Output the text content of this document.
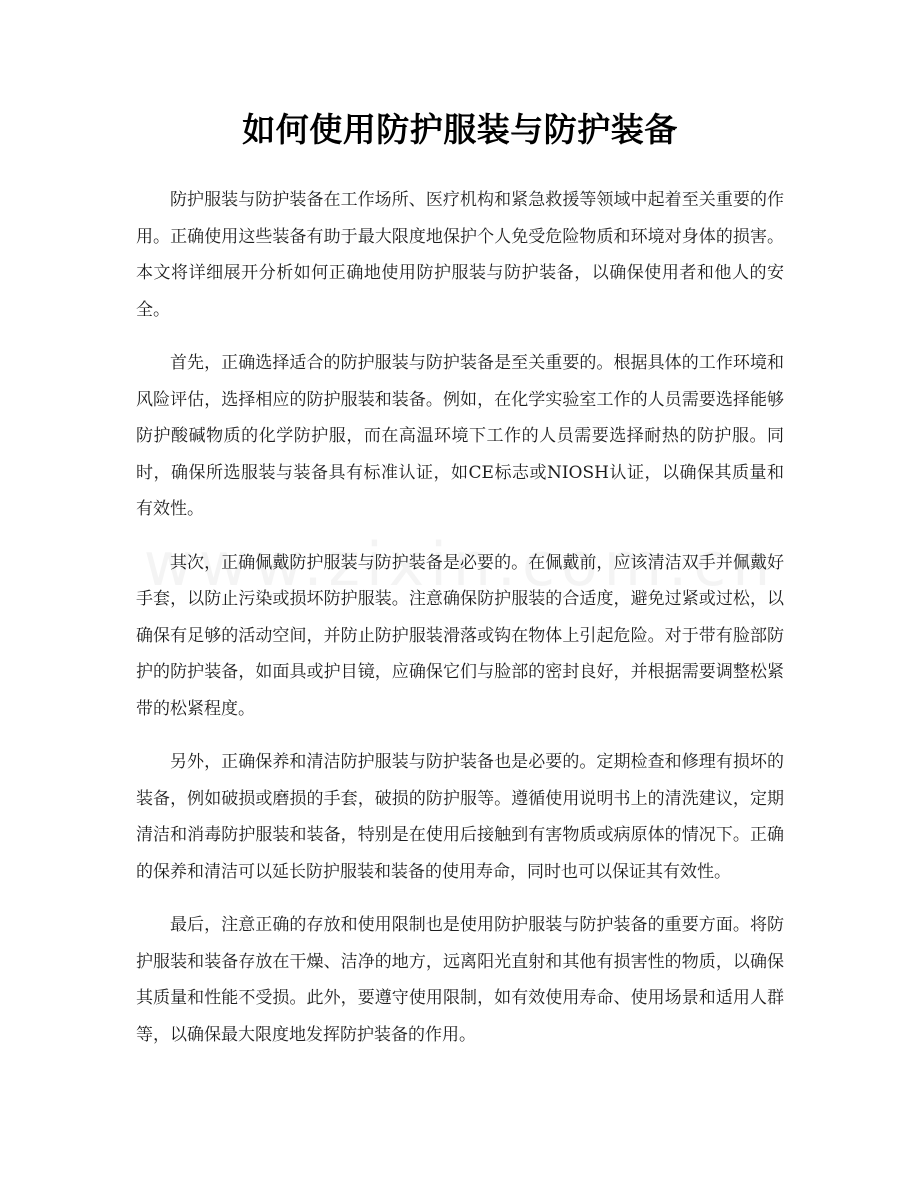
如何使用防护服装与防护装备

防护服装与防护装备在工作场所、医疗机构和紧急救援等领域中起着至关重要的作用。正确使用这些装备有助于最大限度地保护个人免受危险物质和环境对身体的损害。本文将详细展开分析如何正确地使用防护服装与防护装备，以确保使用者和他人的安全。

首先，正确选择适合的防护服装与防护装备是至关重要的。根据具体的工作环境和风险评估，选择相应的防护服装和装备。例如，在化学实验室工作的人员需要选择能够防护酸碱物质的化学防护服，而在高温环境下工作的人员需要选择耐热的防护服。同时，确保所选服装与装备具有标准认证，如CE标志或NIOSH认证，以确保其质量和有效性。

其次，正确佩戴防护服装与防护装备是必要的。在佩戴前，应该清洁双手并佩戴好手套，以防止污染或损坏防护服装。注意确保防护服装的合适度，避免过紧或过松，以确保有足够的活动空间，并防止防护服装滑落或钩在物体上引起危险。对于带有脸部防护的防护装备，如面具或护目镜，应确保它们与脸部的密封良好，并根据需要调整松紧带的松紧程度。

另外，正确保养和清洁防护服装与防护装备也是必要的。定期检查和修理有损坏的装备，例如破损或磨损的手套，破损的防护服等。遵循使用说明书上的清洗建议，定期清洁和消毒防护服装和装备，特别是在使用后接触到有害物质或病原体的情况下。正确的保养和清洁可以延长防护服装和装备的使用寿命，同时也可以保证其有效性。

最后，注意正确的存放和使用限制也是使用防护服装与防护装备的重要方面。将防护服装和装备存放在干燥、洁净的地方，远离阳光直射和其他有损害性的物质，以确保其质量和性能不受损。此外，要遵守使用限制，如有效使用寿命、使用场景和适用人群等，以确保最大限度地发挥防护装备的作用。
